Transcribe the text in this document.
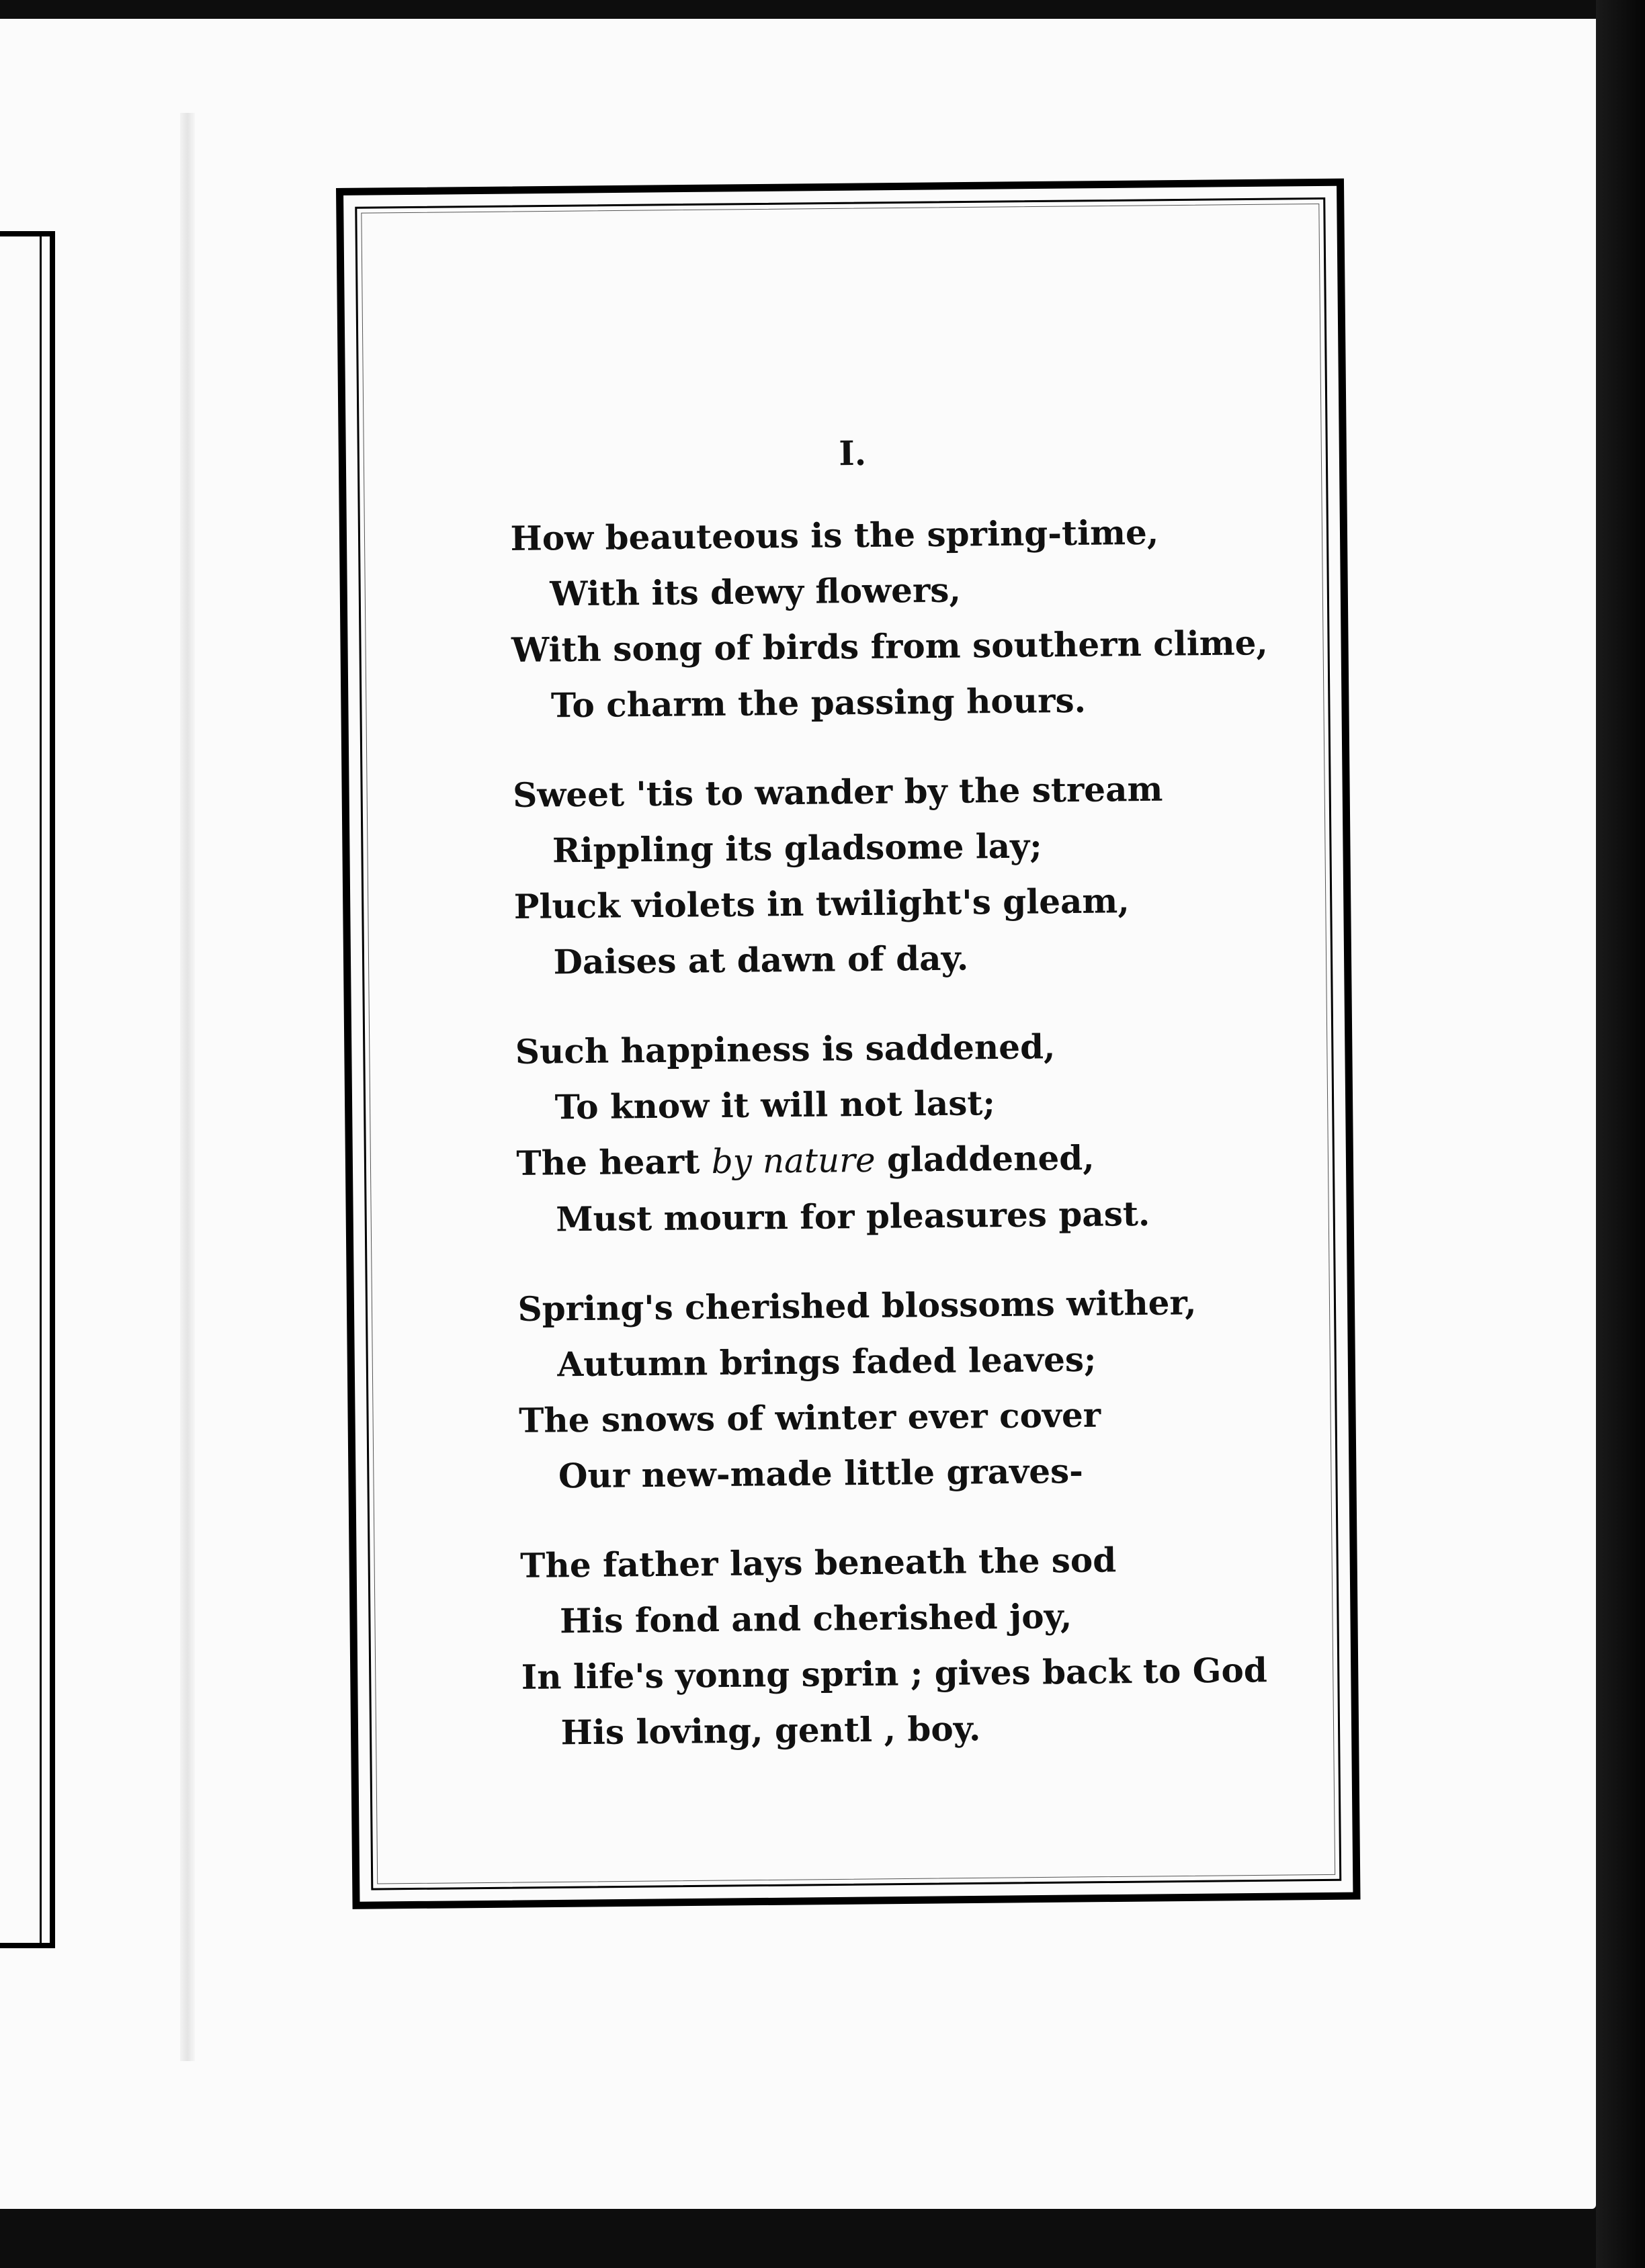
I.
How beauteous is the spring-time,
With its dewy flowers,
With song of birds from southern clime,
To charm the passing hours.
Sweet 'tis to wander by the stream
Rippling its gladsome lay;
Pluck violets in twilight's gleam,
Daises at dawn of day.
Such happiness is saddened,
To know it will not last;
The heart by nature gladdened,
Must mourn for pleasures past.
Spring's cherished blossoms wither,
Autumn brings faded leaves;
The snows of winter ever cover
Our new-made little graves-
The father lays beneath the sod
His fond and cherished joy,
In life's yonng sprin ; gives back to God
His loving, gentl , boy.
